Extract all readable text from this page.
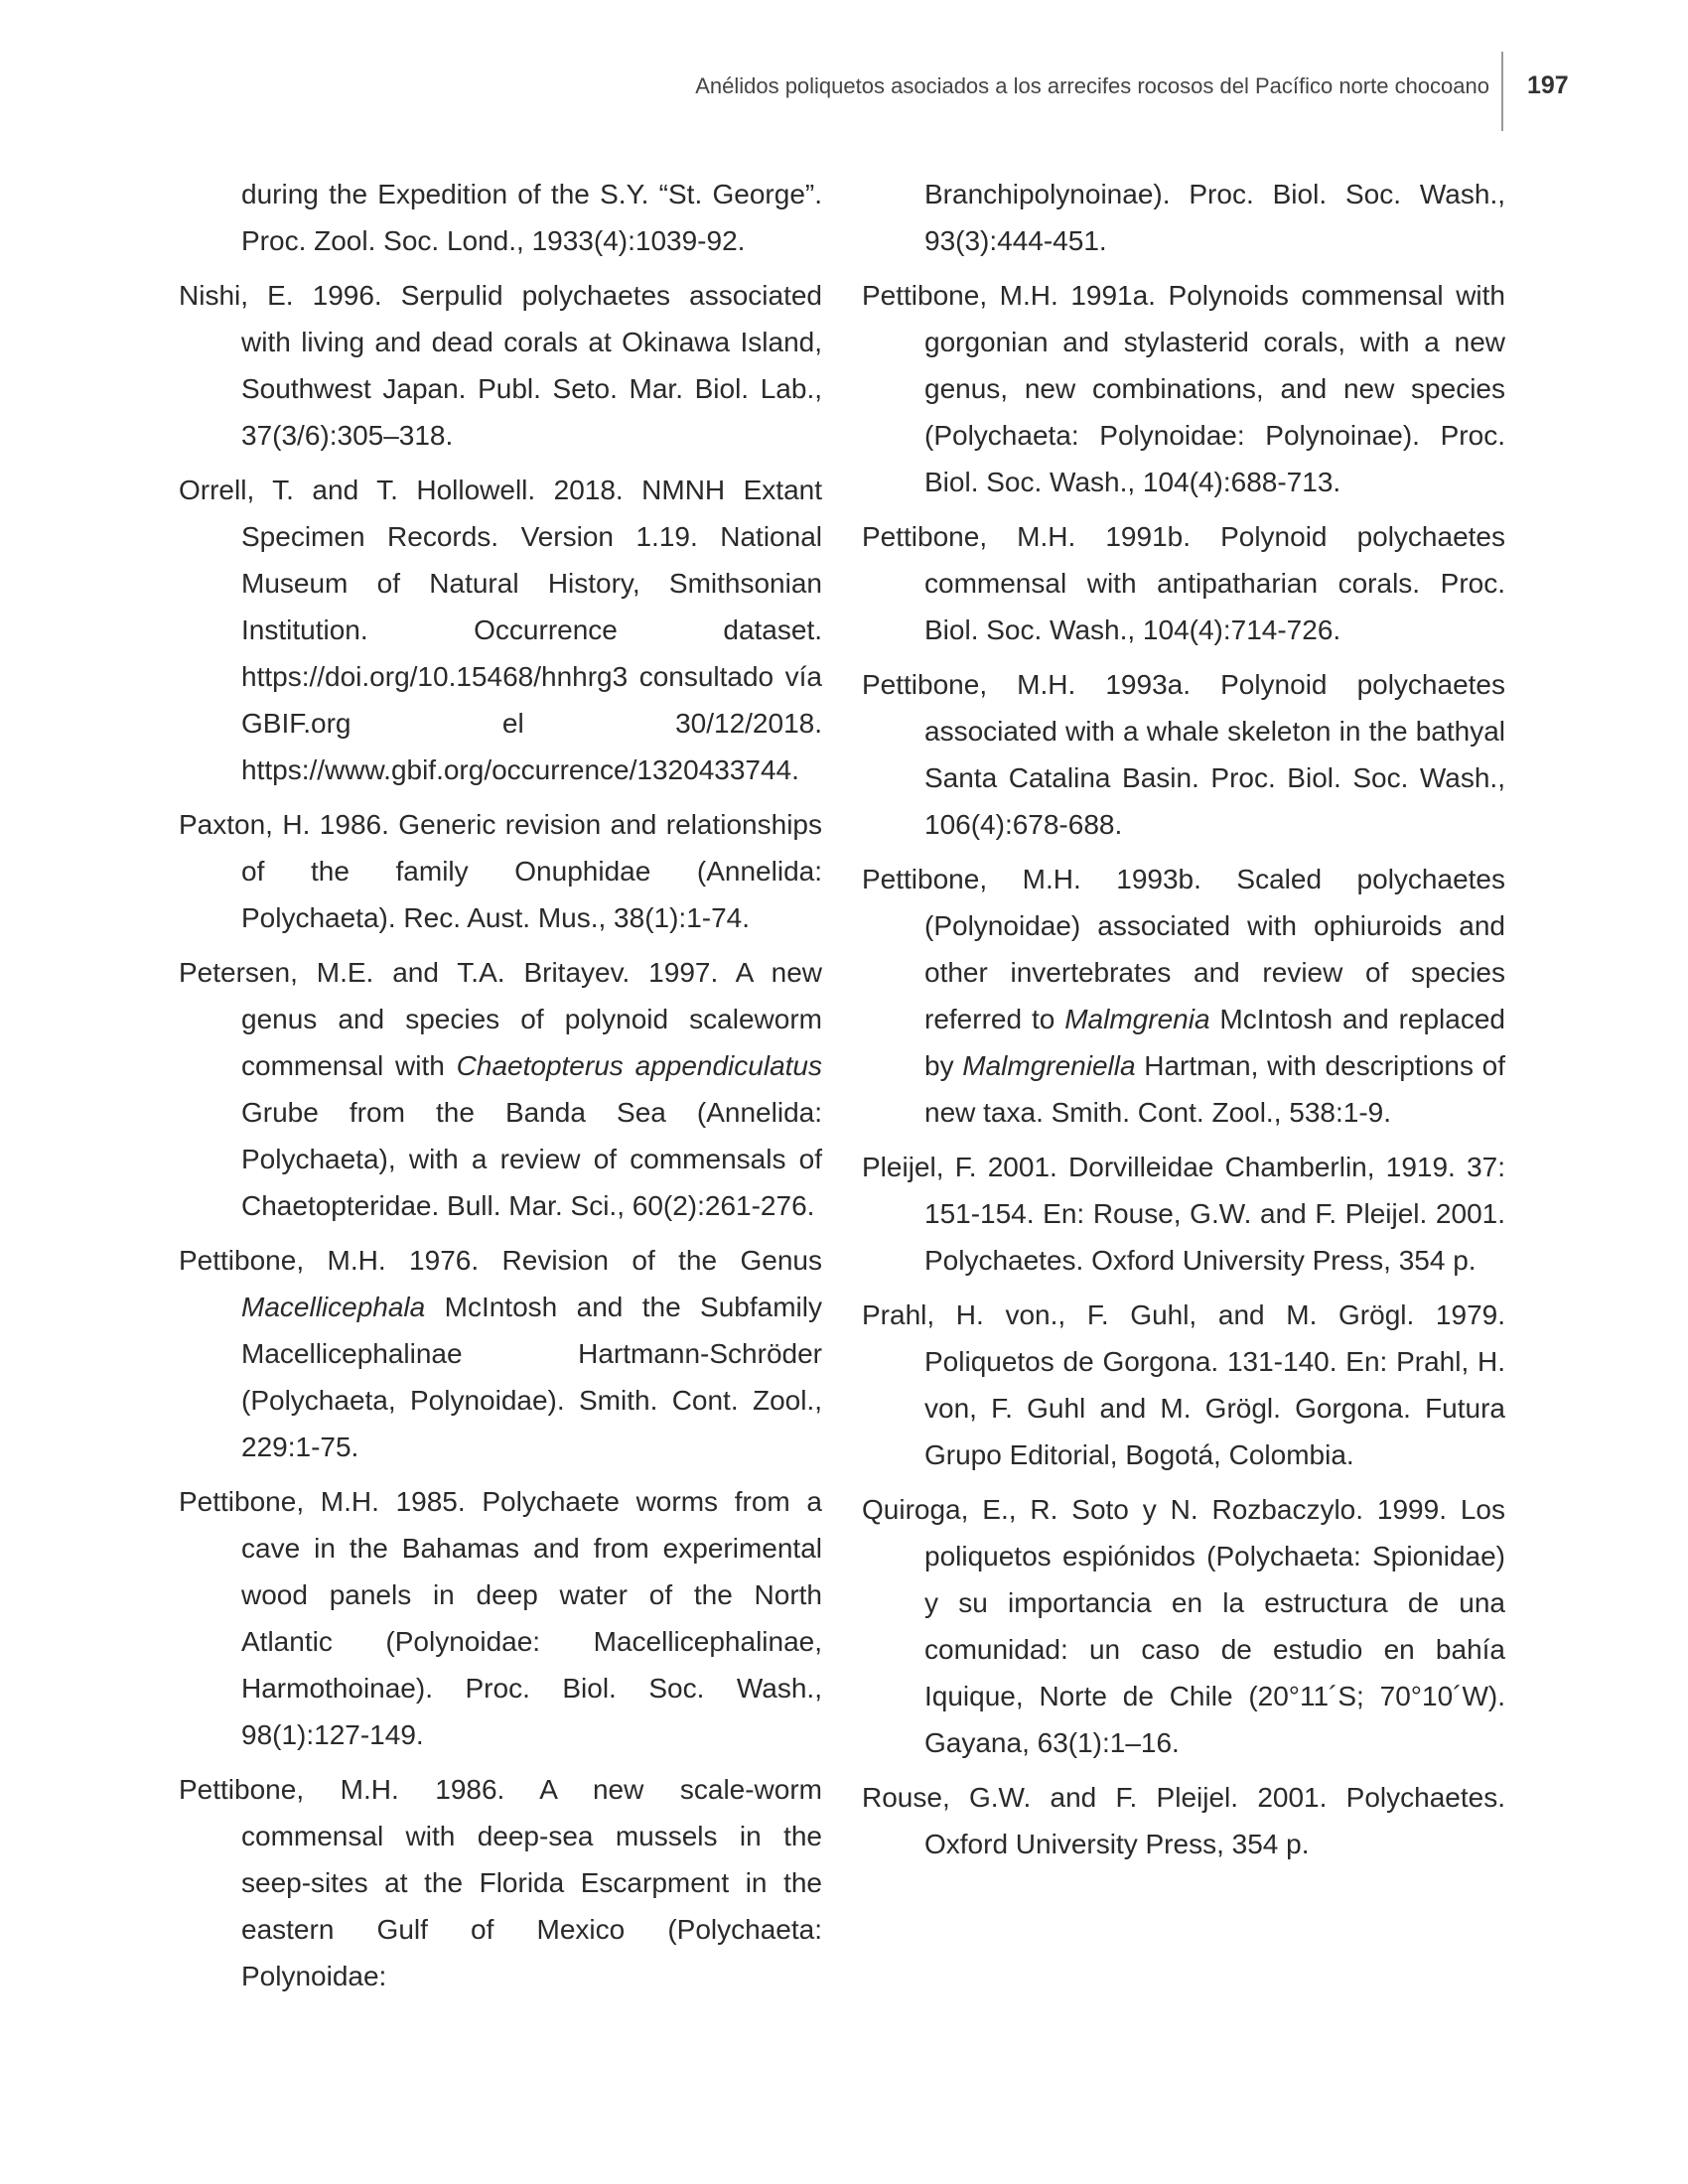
Anélidos poliquetos asociados a los arrecifes rocosos del Pacífico norte chocoano 197

during the Expedition of the S.Y. “St. George”. Proc. Zool. Soc. Lond., 1933(4):1039-92.

Nishi, E. 1996. Serpulid polychaetes associated with living and dead corals at Okinawa Island, Southwest Japan. Publ. Seto. Mar. Biol. Lab., 37(3/6):305–318.

Orrell, T. and T. Hollowell. 2018. NMNH Extant Specimen Records. Version 1.19. National Museum of Natural History, Smithsonian Institution. Occurrence dataset. https://doi.org/10.15468/hnhrg3 consultado vía GBIF.org el 30/12/2018. https://www.gbif.org/occurrence/1320433744.

Paxton, H. 1986. Generic revision and relationships of the family Onuphidae (Annelida: Polychaeta). Rec. Aust. Mus., 38(1):1-74.

Petersen, M.E. and T.A. Britayev. 1997. A new genus and species of polynoid scaleworm commensal with Chaetopterus appendiculatus Grube from the Banda Sea (Annelida: Polychaeta), with a review of commensals of Chaetopteridae. Bull. Mar. Sci., 60(2):261-276.

Pettibone, M.H. 1976. Revision of the Genus Macellicephala McIntosh and the Subfamily Macellicephalinae Hartmann-Schröder (Polychaeta, Polynoidae). Smith. Cont. Zool., 229:1-75.

Pettibone, M.H. 1985. Polychaete worms from a cave in the Bahamas and from experimental wood panels in deep water of the North Atlantic (Polynoidae: Macellicephalinae, Harmothoinae). Proc. Biol. Soc. Wash., 98(1):127-149.

Pettibone, M.H. 1986. A new scale-worm commensal with deep-sea mussels in the seep-sites at the Florida Escarpment in the eastern Gulf of Mexico (Polychaeta: Polynoidae:

Branchipolynoinae). Proc. Biol. Soc. Wash., 93(3):444-451.

Pettibone, M.H. 1991a. Polynoids commensal with gorgonian and stylasterid corals, with a new genus, new combinations, and new species (Polychaeta: Polynoidae: Polynoinae). Proc. Biol. Soc. Wash., 104(4):688-713.

Pettibone, M.H. 1991b. Polynoid polychaetes commensal with antipatharian corals. Proc. Biol. Soc. Wash., 104(4):714-726.

Pettibone, M.H. 1993a. Polynoid polychaetes associated with a whale skeleton in the bathyal Santa Catalina Basin. Proc. Biol. Soc. Wash., 106(4):678-688.

Pettibone, M.H. 1993b. Scaled polychaetes (Polynoidae) associated with ophiuroids and other invertebrates and review of species referred to Malmgrenia McIntosh and replaced by Malmgreniella Hartman, with descriptions of new taxa. Smith. Cont. Zool., 538:1-9.

Pleijel, F. 2001. Dorvilleidae Chamberlin, 1919. 37: 151-154. En: Rouse, G.W. and F. Pleijel. 2001. Polychaetes. Oxford University Press, 354 p.

Prahl, H. von., F. Guhl, and M. Grögl. 1979. Poliquetos de Gorgona. 131-140. En: Prahl, H. von, F. Guhl and M. Grögl. Gorgona. Futura Grupo Editorial, Bogotá, Colombia.

Quiroga, E., R. Soto y N. Rozbaczylo. 1999. Los poliquetos espiónidos (Polychaeta: Spionidae) y su importancia en la estructura de una comunidad: un caso de estudio en bahía Iquique, Norte de Chile (20°11´S; 70°10´W). Gayana, 63(1):1–16.

Rouse, G.W. and F. Pleijel. 2001. Polychaetes. Oxford University Press, 354 p.
